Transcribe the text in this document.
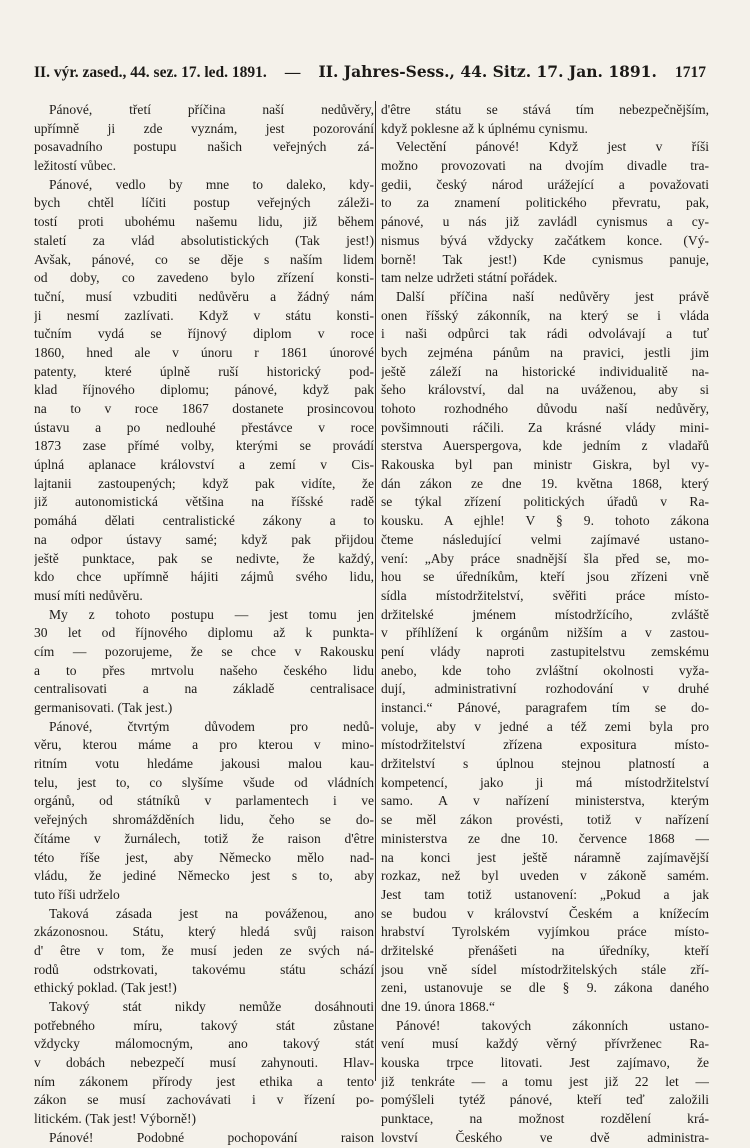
II. výr. zased., 44. sez. 17. led. 1891. — II. Jahres-Sess., 44. Sitz. 17. Jan. 1891. 1717
Pánové, třetí příčina naší nedůvěry,
upřímně ji zde vyznám, jest pozorování
posavadního postupu našich veřejných zá-
ležitostí vůbec.
Pánové, vedlo by mne to daleko, kdy-
bych chtěl líčiti postup veřejných záleži-
tostí proti ubohému našemu lidu, již během
staletí za vlád absolutistických (Tak jest!)
Avšak, pánové, co se děje s naším lidem
od doby, co zavedeno bylo zřízení konsti-
tuční, musí vzbuditi nedůvěru a žádný nám
ji nesmí zazlívati. Když v státu konsti-
tučním vydá se říjnový diplom v roce
1860, hned ale v únoru r 1861 únorové
patenty, které úplně ruší historický pod-
klad říjnového diplomu; pánové, když pak
na to v roce 1867 dostanete prosincovou
ústavu a po nedlouhé přestávce v roce
1873 zase přímé volby, kterými se provádí
úplná aplanace království a zemí v Cis-
lajtanii zastoupených; když pak vidíte, že
již autonomistická většina na říšské radě
pomáhá dělati centralistické zákony a to
na odpor ústavy samé; když pak přijdou
ještě punktace, pak se nedivte, že každý,
kdo chce upřímně hájiti zájmů svého lidu,
musí míti nedůvěru.
My z tohoto postupu — jest tomu jen
30 let od říjnového diplomu až k punkta-
cím — pozorujeme, že se chce v Rakousku
a to přes mrtvolu našeho českého lidu
centralisovati a na základě centralisace
germanisovati. (Tak jest.)
Pánové, čtvrtým důvodem pro nedů-
věru, kterou máme a pro kterou v mino-
ritním votu hledáme jakousi malou kau-
telu, jest to, co slyšíme všude od vládních
orgánů, od státníků v parlamentech i ve
veřejných shromážděních lidu, čeho se do-
čítáme v žurnálech, totiž že raison d'être
této říše jest, aby Německo mělo nad-
vládu, že jediné Německo jest s to, aby
tuto říši udrželo
Taková zásada jest na pováženou, ano
zkázonosnou. Státu, který hledá svůj raison
d' être v tom, že musí jeden ze svých ná-
rodů odstrkovati, takovému státu schází
ethický poklad. (Tak jest!)
Takový stát nikdy nemůže dosáhnouti
potřebného míru, takový stát zůstane
vždycky málomocným, ano takový stát
v dobách nebezpečí musí zahynouti. Hlav-
ním zákonem přírody jest ethika a tento
zákon se musí zachovávati i v řízení po-
litickém. (Tak jest! Výborně!)
Pánové! Podobné pochopování raison
d'être státu se stává tím nebezpečnějším,
když poklesne až k úplnému cynismu.
Velectění pánové! Když jest v říši
možno provozovati na dvojím divadle tra-
gedii, český národ urážející a považovati
to za znamení politického převratu, pak,
pánové, u nás již zavládl cynismus a cy-
nismus bývá vždycky začátkem konce. (Vý-
borně! Tak jest!) Kde cynismus panuje,
tam nelze udržeti státní pořádek.
Další příčina naší nedůvěry jest právě
onen říšský zákonník, na který se i vláda
i naši odpůrci tak rádi odvolávají a tuť
bych zejména pánům na pravici, jestli jim
ještě záleží na historické individualitě na-
šeho království, dal na uváženou, aby si
tohoto rozhodného důvodu naší nedůvěry,
povšimnouti ráčili. Za krásné vlády mini-
sterstva Auerspergova, kde jedním z vladařů
Rakouska byl pan ministr Giskra, byl vy-
dán zákon ze dne 19. května 1868, který
se týkal zřízení politických úřadů v Ra-
kousku. A ejhle! V § 9. tohoto zákona
čteme následující velmi zajímavé ustano-
vení: „Aby práce snadnější šla před se, mo-
hou se úředníkům, kteří jsou zřízeni vně
sídla místodržitelství, svěřiti práce místo-
držitelské jménem místodržícího, zvláště
v příhlížení k orgánům nižším a v zastou-
pení vlády naproti zastupitelstvu zemskému
anebo, kde toho zvláštní okolnosti vyža-
dují, administrativní rozhodování v druhé
instanci.“ Pánové, paragrafem tím se do-
voluje, aby v jedné a též zemi byla pro
místodržitelství zřízena expositura místo-
držitelství s úplnou stejnou platností a
kompetencí, jako ji má místodržitelství
samo. A v nařízení ministerstva, kterým
se měl zákon provésti, totiž v nařízení
ministerstva ze dne 10. července 1868 —
na konci jest ještě náramně zajímavější
rozkaz, než byl uveden v zákoně samém.
Jest tam totiž ustanovení: „Pokud a jak
se budou v království Českém a knížecím
hrabství Tyrolském vyjímkou práce místo-
držitelské přenášeti na úředníky, kteří
jsou vně sídel místodržitelských stále zří-
zeni, ustanovuje se dle § 9. zákona daného
dne 19. února 1868.“
Pánové! takových zákonních ustano-
vení musí každý věrný přívrženec Ra-
kouska trpce litovati. Jest zajímavo, že
již tenkráte — a tomu jest již 22 let —
pomýšleli tytéž pánové, kteří teď založili
punktace, na možnost rozdělení krá-
lovství Českého ve dvě administra-
